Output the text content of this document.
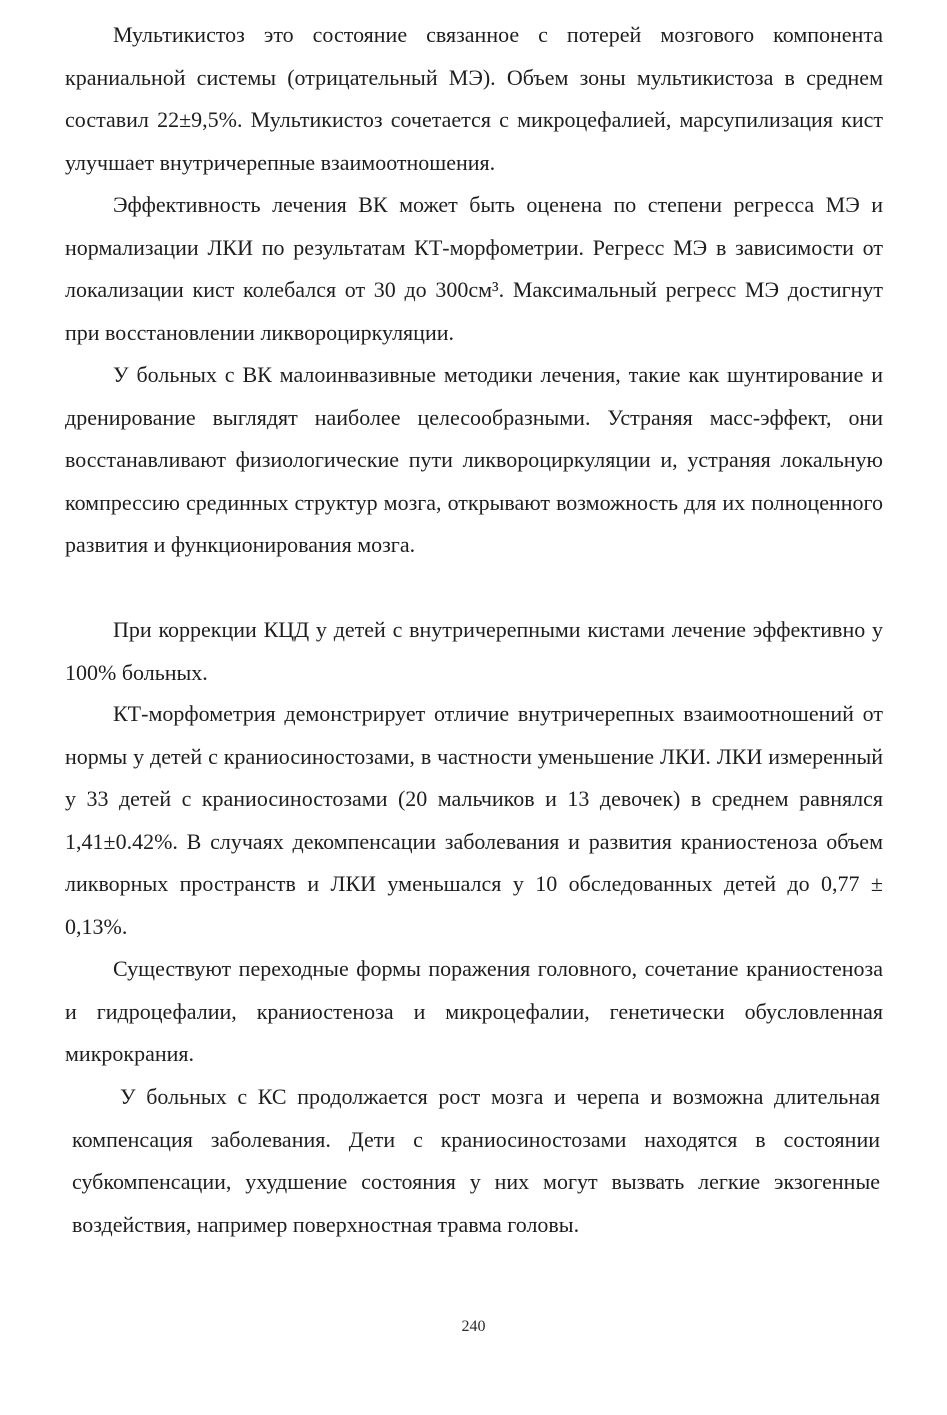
Мультикистоз это состояние связанное с потерей мозгового компонента краниальной системы (отрицательный МЭ). Объем зоны мультикистоза в среднем составил 22±9,5%. Мультикистоз сочетается с микроцефалией, марсупилизация кист улучшает внутричерепные взаимоотношения.

Эффективность лечения ВК может быть оценена по степени регресса МЭ и нормализации ЛКИ по результатам КТ-морфометрии. Регресс МЭ в зависимости от локализации кист колебался от 30 до 300см³. Максимальный регресс МЭ достигнут при восстановлении ликвороциркуляции.

У больных с ВК малоинвазивные методики лечения, такие как шунтирование и дренирование выглядят наиболее целесообразными. Устраняя масс-эффект, они восстанавливают физиологические пути ликвороциркуляции и, устраняя локальную компрессию срединных структур мозга, открывают возможность для их полноценного развития и функционирования мозга.

При коррекции КЦД у детей с внутричерепными кистами лечение эффективно у 100% больных.

КТ-морфометрия демонстрирует отличие внутричерепных взаимоотношений от нормы у детей с краниосиностозами, в частности уменьшение ЛКИ. ЛКИ измеренный у 33 детей с краниосиностозами (20 мальчиков и 13 девочек) в среднем равнялся 1,41±0.42%. В случаях декомпенсации заболевания и развития краниостеноза объем ликворных пространств и ЛКИ уменьшался у 10 обследованных детей до 0,77 ± 0,13%.

Существуют переходные формы поражения головного, сочетание краниостеноза и гидроцефалии, краниостеноза и микроцефалии, генетически обусловленная микрокрания.

У больных с КС продолжается рост мозга и черепа и возможна длительная компенсация заболевания. Дети с краниосиностозами находятся в состоянии субкомпенсации, ухудшение состояния у них могут вызвать легкие экзогенные воздействия, например поверхностная травма головы.

240
